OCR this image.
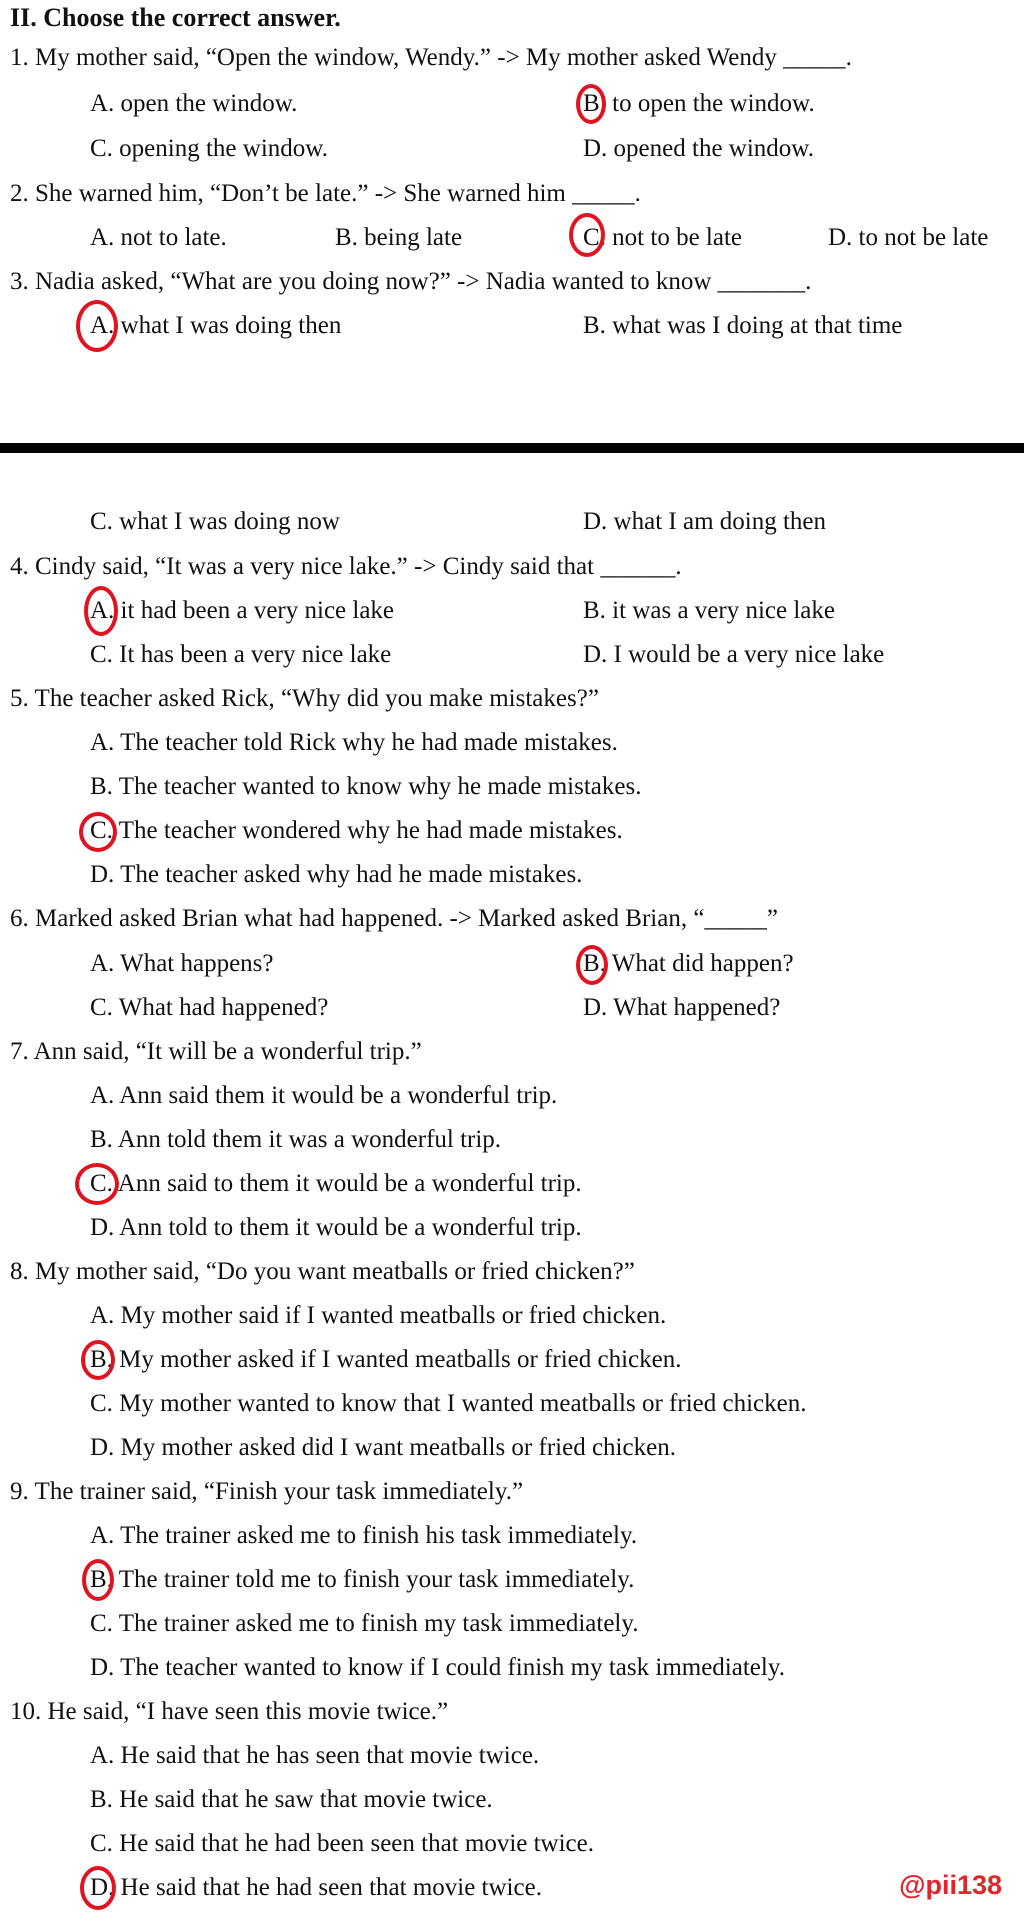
II. Choose the correct answer.
1. My mother said, “Open the window, Wendy.” -> My mother asked Wendy _____.
A. open the window.	B. to open the window.
C. opening the window.	D. opened the window.
2. She warned him, “Don’t be late.” -> She warned him _____.
A. not to late.	B. being late	C. not to be late	D. to not be late
3. Nadia asked, “What are you doing now?” -> Nadia wanted to know _______.
A. what I was doing then	B. what was I doing at that time
C. what I was doing now	D. what I am doing then
4. Cindy said, “It was a very nice lake.” -> Cindy said that ______.
A. it had been a very nice lake	B. it was a very nice lake
C. It has been a very nice lake	D. I would be a very nice lake
5. The teacher asked Rick, “Why did you make mistakes?”
A. The teacher told Rick why he had made mistakes.
B. The teacher wanted to know why he made mistakes.
C. The teacher wondered why he had made mistakes.
D. The teacher asked why had he made mistakes.
6. Marked asked Brian what had happened. -> Marked asked Brian, “_____”
A. What happens?	B. What did happen?
C. What had happened?	D. What happened?
7. Ann said, “It will be a wonderful trip.”
A. Ann said them it would be a wonderful trip.
B. Ann told them it was a wonderful trip.
C. Ann said to them it would be a wonderful trip.
D. Ann told to them it would be a wonderful trip.
8. My mother said, “Do you want meatballs or fried chicken?”
A. My mother said if I wanted meatballs or fried chicken.
B. My mother asked if I wanted meatballs or fried chicken.
C. My mother wanted to know that I wanted meatballs or fried chicken.
D. My mother asked did I want meatballs or fried chicken.
9. The trainer said, “Finish your task immediately.”
A. The trainer asked me to finish his task immediately.
B. The trainer told me to finish your task immediately.
C. The trainer asked me to finish my task immediately.
D. The teacher wanted to know if I could finish my task immediately.
10. He said, “I have seen this movie twice.”
A. He said that he has seen that movie twice.
B. He said that he saw that movie twice.
C. He said that he had been seen that movie twice.
D. He said that he had seen that movie twice.	@pii138
